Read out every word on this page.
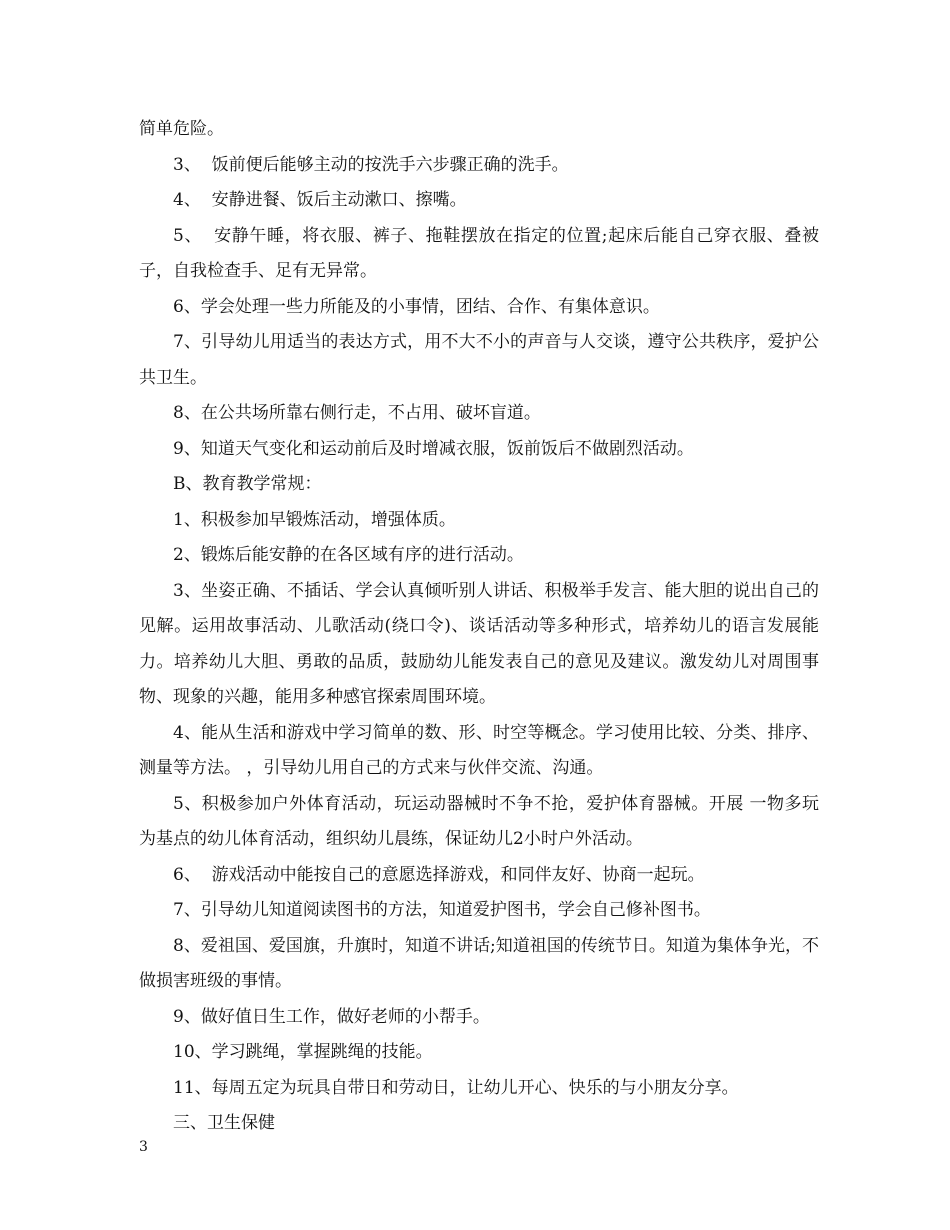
简单危险。

3、  饭前便后能够主动的按洗手六步骤正确的洗手。

4、  安静进餐、饭后主动漱口、擦嘴。

5、  安静午睡，将衣服、裤子、拖鞋摆放在指定的位置;起床后能自己穿衣服、叠被子，自我检查手、足有无异常。

6、学会处理一些力所能及的小事情，团结、合作、有集体意识。

7、引导幼儿用适当的表达方式，用不大不小的声音与人交谈，遵守公共秩序，爱护公共卫生。

8、在公共场所靠右侧行走，不占用、破坏盲道。

9、知道天气变化和运动前后及时增减衣服，饭前饭后不做剧烈活动。

B、教育教学常规：

1、积极参加早锻炼活动，增强体质。

2、锻炼后能安静的在各区域有序的进行活动。

3、坐姿正确、不插话、学会认真倾听别人讲话、积极举手发言、能大胆的说出自己的见解。运用故事活动、儿歌活动(绕口令)、谈话活动等多种形式，培养幼儿的语言发展能力。培养幼儿大胆、勇敢的品质，鼓励幼儿能发表自己的意见及建议。激发幼儿对周围事物、现象的兴趣，能用多种感官探索周围环境。

4、能从生活和游戏中学习简单的数、形、时空等概念。学习使用比较、分类、排序、测量等方法。 ，引导幼儿用自己的方式来与伙伴交流、沟通。

5、积极参加户外体育活动，玩运动器械时不争不抢，爱护体育器械。开展 一物多玩 为基点的幼儿体育活动，组织幼儿晨练，保证幼儿2小时户外活动。

6、  游戏活动中能按自己的意愿选择游戏，和同伴友好、协商一起玩。

7、引导幼儿知道阅读图书的方法，知道爱护图书，学会自己修补图书。

8、爱祖国、爱国旗，升旗时，知道不讲话;知道祖国的传统节日。知道为集体争光，不做损害班级的事情。

9、做好值日生工作，做好老师的小帮手。

10、学习跳绳，掌握跳绳的技能。

11、每周五定为玩具自带日和劳动日，让幼儿开心、快乐的与小朋友分享。

三、卫生保健

3
